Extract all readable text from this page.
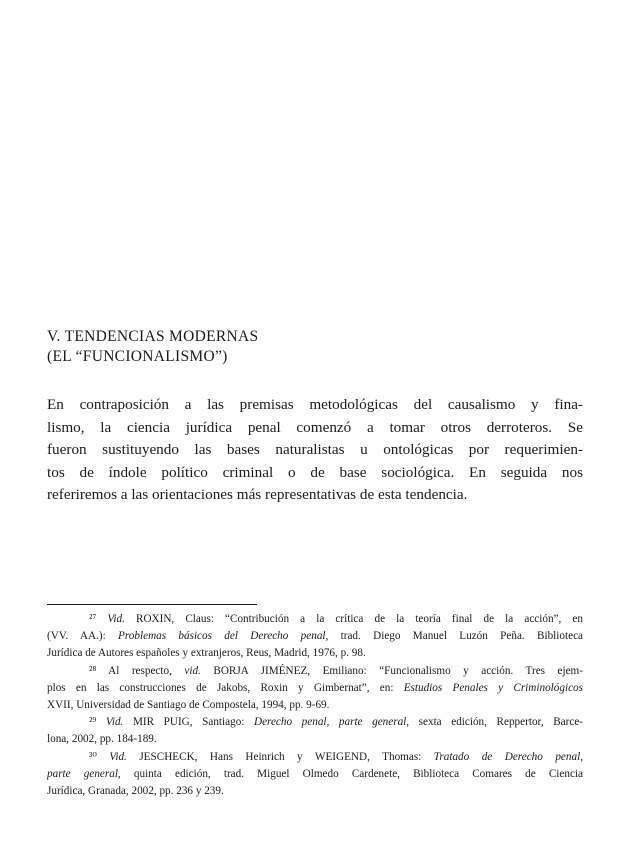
V. TENDENCIAS MODERNAS
(EL “FUNCIONALISMO”)
En contraposición a las premisas metodológicas del causalismo y fina-
lismo, la ciencia jurídica penal comenzó a tomar otros derroteros. Se
fueron sustituyendo las bases naturalistas u ontológicas por requerimien-
tos de índole político criminal o de base sociológica. En seguida nos
referiremos a las orientaciones más representativas de esta tendencia.
²⁷ Vid. ROXIN, Claus: “Contribución a la crítica de la teoría final de la acción”, en
(VV. AA.): Problemas básicos del Derecho penal, trad. Diego Manuel Luzón Peña. Biblioteca
Jurídica de Autores españoles y extranjeros, Reus, Madrid, 1976, p. 98.
²⁸ Al respecto, vid. BORJA JIMÉNEZ, Emiliano: “Funcionalismo y acción. Tres ejem-
plos en las construcciones de Jakobs, Roxin y Gimbernat”, en: Estudios Penales y Criminológicos
XVII, Universidad de Santiago de Compostela, 1994, pp. 9-69.
²⁹ Vid. MIR PUIG, Santiago: Derecho penal, parte general, sexta edición, Reppertor, Barce-
lona, 2002, pp. 184-189.
³⁰ Vid. JESCHECK, Hans Heinrich y WEIGEND, Thomas: Tratado de Derecho penal,
parte general, quinta edición, trad. Miguel Olmedo Cardenete, Biblioteca Comares de Ciencia
Jurídica, Granada, 2002, pp. 236 y 239.
